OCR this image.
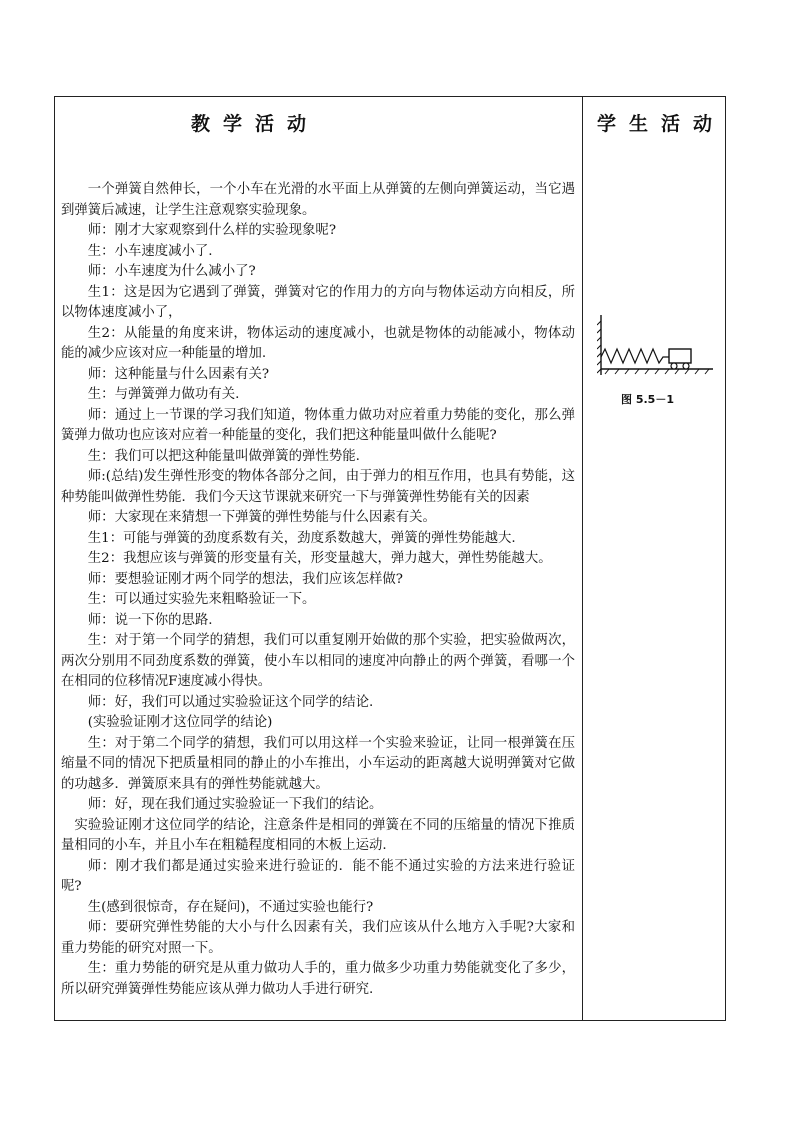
教学活动

一个弹簧自然伸长，一个小车在光滑的水平面上从弹簧的左侧向弹簧运动，当它遇到弹簧后减速，让学生注意观察实验现象。

师：刚才大家观察到什么样的实验现象呢?

生：小车速度减小了.

师：小车速度为什么减小了?

生1：这是因为它遇到了弹簧，弹簧对它的作用力的方向与物体运动方向相反，所以物体速度减小了，

生2：从能量的角度来讲，物体运动的速度减小，也就是物体的动能减小，物体动能的减少应该对应一种能量的增加.

师：这种能量与什么因素有关?

生：与弹簧弹力做功有关.

师：通过上一节课的学习我们知道，物体重力做功对应着重力势能的变化，那么弹簧弹力做功也应该对应着一种能量的变化，我们把这种能量叫做什么能呢?

生：我们可以把这种能量叫做弹簧的弹性势能.

师:(总结)发生弹性形变的物体各部分之间，由于弹力的相互作用，也具有势能，这种势能叫做弹性势能．我们今天这节课就来研究一下与弹簧弹性势能有关的因素

师：大家现在来猜想一下弹簧的弹性势能与什么因素有关。

生1：可能与弹簧的劲度系数有关，劲度系数越大，弹簧的弹性势能越大.

生2：我想应该与弹簧的形变量有关，形变量越大，弹力越大，弹性势能越大。

师：要想验证刚才两个同学的想法，我们应该怎样做?

生：可以通过实验先来粗略验证一下。

师：说一下你的思路.

生：对于第一个同学的猜想，我们可以重复刚开始做的那个实验，把实验做两次，两次分别用不同劲度系数的弹簧，使小车以相同的速度冲向静止的两个弹簧，看哪一个在相同的位移情况F速度减小得快。

师：好，我们可以通过实验验证这个同学的结论.

(实验验证刚才这位同学的结论)

生：对于第二个同学的猜想，我们可以用这样一个实验来验证，让同一根弹簧在压缩量不同的情况下把质量相同的静止的小车推出，小车运动的距离越大说明弹簧对它做的功越多．弹簧原来具有的弹性势能就越大。

师：好，现在我们通过实验验证一下我们的结论。

实验验证刚才这位同学的结论，注意条件是相同的弹簧在不同的压缩量的情况下推质量相同的小车，并且小车在粗糙程度相同的木板上运动.

师：刚才我们都是通过实验来进行验证的．能不能不通过实验的方法来进行验证呢?

生(感到很惊奇，存在疑问)，不通过实验也能行?

师：要研究弹性势能的大小与什么因素有关，我们应该从什么地方入手呢?大家和重力势能的研究对照一下。

生：重力势能的研究是从重力做功人手的，重力做多少功重力势能就变化了多少，所以研究弹簧弹性势能应该从弹力做功人手进行研究.

学生活动
图 5.5－1
